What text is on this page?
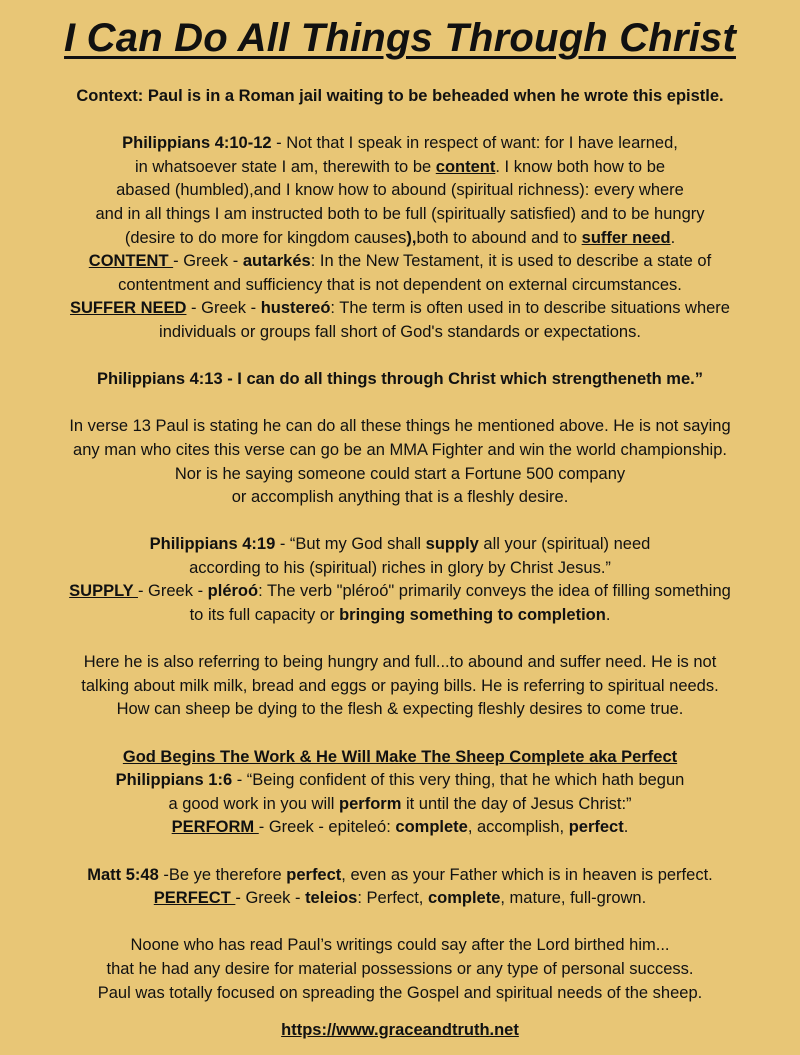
I Can Do All Things Through Christ
Context: Paul is in a Roman jail waiting to be beheaded when he wrote this epistle.
Philippians 4:10-12 - Not that I speak in respect of want: for I have learned,
in whatsoever state I am, therewith to be content. I know both how to be
abased (humbled),and I know how to abound (spiritual richness): every where
and in all things I am instructed both to be full (spiritually satisfied) and to be hungry
(desire to do more for kingdom causes),both to abound and to suffer need.
CONTENT - Greek - autarkés: In the New Testament, it is used to describe a state of
contentment and sufficiency that is not dependent on external circumstances.
SUFFER NEED - Greek - hustereó: The term is often used in to describe situations where
individuals or groups fall short of God's standards or expectations.
Philippians 4:13 - I can do all things through Christ which strengtheneth me.”
In verse 13 Paul is stating he can do all these things he mentioned above. He is not saying
any man who cites this verse can go be an MMA Fighter and win the world championship.
Nor is he saying someone could start a Fortune 500 company
or accomplish anything that is a fleshly desire.
Philippians 4:19 - “But my God shall supply all your (spiritual) need
according to his (spiritual) riches in glory by Christ Jesus.”
SUPPLY - Greek - pléroó: The verb "pléroó" primarily conveys the idea of filling something
to its full capacity or bringing something to completion.
Here he is also referring to being hungry and full...to abound and suffer need. He is not
talking about milk milk, bread and eggs or paying bills. He is referring to spiritual needs.
How can sheep be dying to the flesh & expecting fleshly desires to come true.
God Begins The Work & He Will Make The Sheep Complete aka Perfect
Philippians 1:6 - “Being confident of this very thing, that he which hath begun
a good work in you will perform it until the day of Jesus Christ:”
PERFORM - Greek - epiteleó: complete, accomplish, perfect.
Matt 5:48 -Be ye therefore perfect, even as your Father which is in heaven is perfect.
PERFECT - Greek - teleios: Perfect, complete, mature, full-grown.
Noone who has read Paul’s writings could say after the Lord birthed him...
that he had any desire for material possessions or any type of personal success.
Paul was totally focused on spreading the Gospel and spiritual needs of the sheep.
https://www.graceandtruth.net
